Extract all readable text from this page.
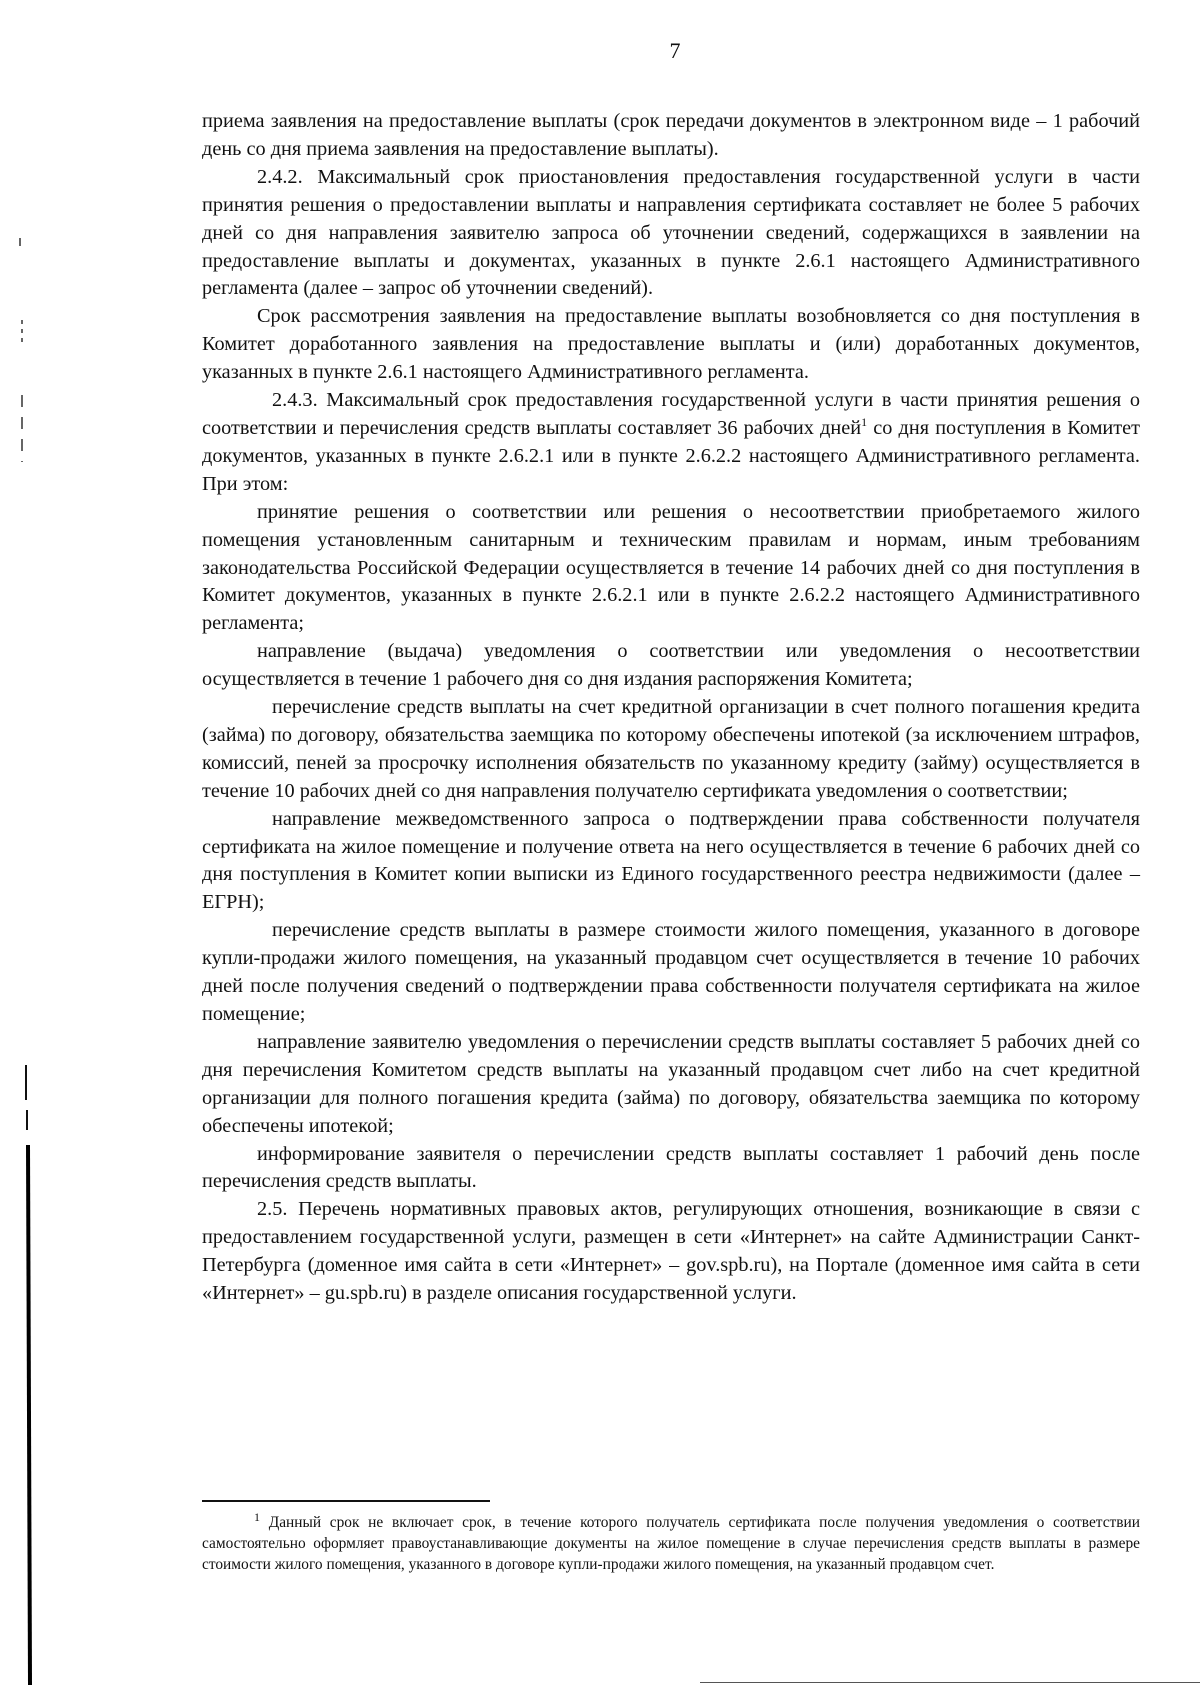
7

приема заявления на предоставление выплаты (срок передачи документов в электронном виде – 1 рабочий день со дня приема заявления на предоставление выплаты).

2.4.2. Максимальный срок приостановления предоставления государственной услуги в части принятия решения о предоставлении выплаты и направления сертификата составляет не более 5 рабочих дней со дня направления заявителю запроса об уточнении сведений, содержащихся в заявлении на предоставление выплаты и документах, указанных в пункте 2.6.1 настоящего Административного регламента (далее – запрос об уточнении сведений).

Срок рассмотрения заявления на предоставление выплаты возобновляется со дня поступления в Комитет доработанного заявления на предоставление выплаты и (или) доработанных документов, указанных в пункте 2.6.1 настоящего Административного регламента.

2.4.3. Максимальный срок предоставления государственной услуги в части принятия решения о соответствии и перечисления средств выплаты составляет 36 рабочих дней$^1$ со дня поступления в Комитет документов, указанных в пункте 2.6.2.1 или в пункте 2.6.2.2 настоящего Административного регламента. При этом:

принятие решения о соответствии или решения о несоответствии приобретаемого жилого помещения установленным санитарным и техническим правилам и нормам, иным требованиям законодательства Российской Федерации осуществляется в течение 14 рабочих дней со дня поступления в Комитет документов, указанных в пункте 2.6.2.1 или в пункте 2.6.2.2 настоящего Административного регламента;

направление (выдача) уведомления о соответствии или уведомления о несоответствии осуществляется в течение 1 рабочего дня со дня издания распоряжения Комитета;

перечисление средств выплаты на счет кредитной организации в счет полного погашения кредита (займа) по договору, обязательства заемщика по которому обеспечены ипотекой (за исключением штрафов, комиссий, пеней за просрочку исполнения обязательств по указанному кредиту (займу) осуществляется в течение 10 рабочих дней со дня направления получателю сертификата уведомления о соответствии;

направление межведомственного запроса о подтверждении права собственности получателя сертификата на жилое помещение и получение ответа на него осуществляется в течение 6 рабочих дней со дня поступления в Комитет копии выписки из Единого государственного реестра недвижимости (далее – ЕГРН);

перечисление средств выплаты в размере стоимости жилого помещения, указанного в договоре купли-продажи жилого помещения, на указанный продавцом счет осуществляется в течение 10 рабочих дней после получения сведений о подтверждении права собственности получателя сертификата на жилое помещение;

направление заявителю уведомления о перечислении средств выплаты составляет 5 рабочих дней со дня перечисления Комитетом средств выплаты на указанный продавцом счет либо на счет кредитной организации для полного погашения кредита (займа) по договору, обязательства заемщика по которому обеспечены ипотекой;

информирование заявителя о перечислении средств выплаты составляет 1 рабочий день после перечисления средств выплаты.

2.5. Перечень нормативных правовых актов, регулирующих отношения, возникающие в связи с предоставлением государственной услуги, размещен в сети «Интернет» на сайте Администрации Санкт-Петербурга (доменное имя сайта в сети «Интернет» – gov.spb.ru), на Портале (доменное имя сайта в сети «Интернет» – gu.spb.ru) в разделе описания государственной услуги.

$^1$ Данный срок не включает срок, в течение которого получатель сертификата после получения уведомления о соответствии самостоятельно оформляет правоустанавливающие документы на жилое помещение в случае перечисления средств выплаты в размере стоимости жилого помещения, указанного в договоре купли-продажи жилого помещения, на указанный продавцом счет.
